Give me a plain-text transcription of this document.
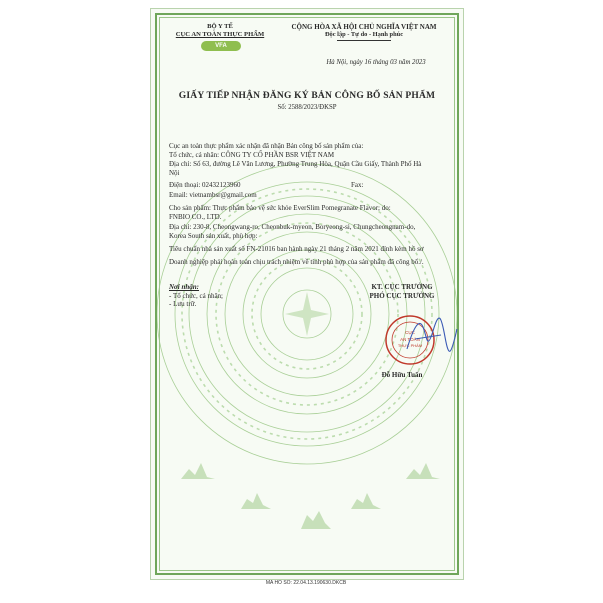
BỘ Y TẾ
CỤC AN TOÀN THỰC PHẨM
VFA
CỘNG HÒA XÃ HỘI CHỦ NGHĨA VIỆT NAM
Độc lập - Tự do - Hạnh phúc
Hà Nội, ngày 16 tháng 03 năm 2023
GIẤY TIẾP NHẬN ĐĂNG KÝ BẢN CÔNG BỐ SẢN PHẨM
Số: 2588/2023/ĐKSP
Cục an toàn thực phẩm xác nhận đã nhận Bản công bố sản phẩm của:
Tổ chức, cá nhân: CÔNG TY CỔ PHẦN BSR VIỆT NAM
Địa chỉ: Số 63, đường Lê Văn Lương, Phường Trung Hòa, Quận Cầu Giấy, Thành Phố Hà
Nội
Điện thoại: 02432123960	Fax:
Email: vietnambsr@gmail.com
Cho sản phẩm: Thực phẩm bảo vệ sức khỏe EverSlim Pomegranate Flavor; do:
FNBIO CO., LTD.
Địa chỉ: 230-8, Cheongwang-ro, Cheonbuk-myeon, Boryeong-si, Chungcheongnam-do,
Korea South sản xuất, phù hợp:
Tiêu chuẩn nhà sản xuất số FN-21016 ban hành ngày 21 tháng 2 năm 2021 đính kèm hồ sơ
Doanh nghiệp phải hoàn toàn chịu trách nhiệm về tính phù hợp của sản phẩm đã công bố./.
Nơi nhận:
- Tổ chức, cá nhân;
- Lưu trữ.
KT. CỤC TRƯỞNG
PHÓ CỤC TRƯỞNG
Đỗ Hữu Tuấn
CỤC
AN TOÀN
THỰC PHẨM
MA HO SO: 22.04.13.190630.DKCB
